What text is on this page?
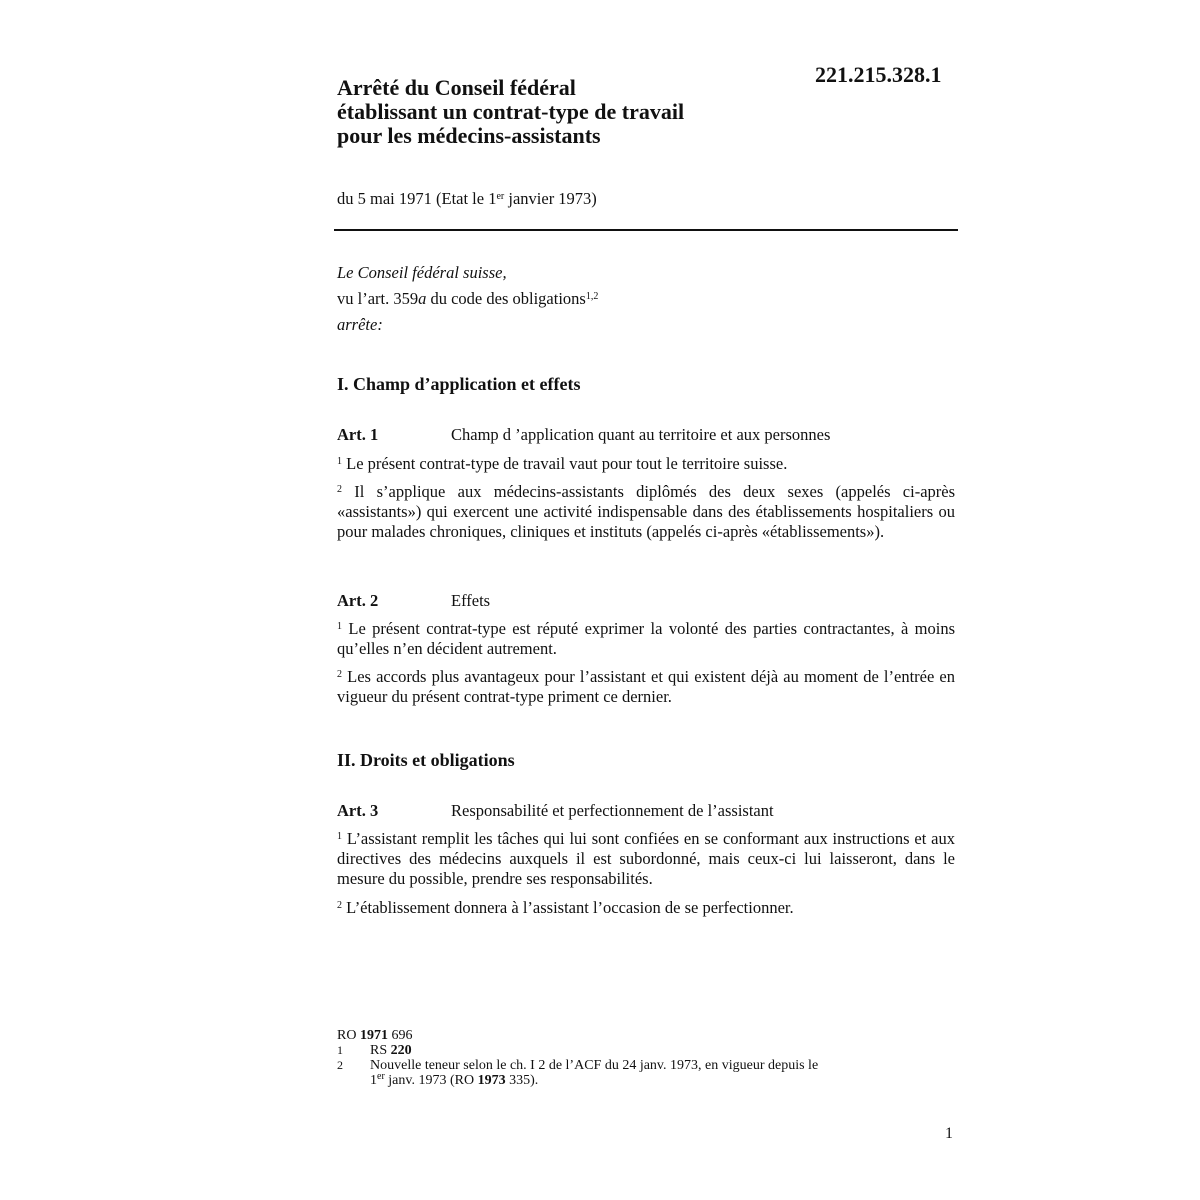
221.215.328.1
Arrêté du Conseil fédéral
établissant un contrat-type de travail
pour les médecins-assistants
du 5 mai 1971 (Etat le 1er janvier 1973)
Le Conseil fédéral suisse,
vu l’art. 359a du code des obligations$^{1,2}$
arrête:
I. Champ d’application et effets
Art. 1	Champ d ’application quant au territoire et aux personnes
$^1$ Le présent contrat-type de travail vaut pour tout le territoire suisse.
$^2$ Il s’applique aux médecins-assistants diplômés des deux sexes (appelés ci-après «assistants») qui exercent une activité indispensable dans des établissements hospitaliers ou pour malades chroniques, cliniques et instituts (appelés ci-après «établissements»).
Art. 2	Effets
$^1$ Le présent contrat-type est réputé exprimer la volonté des parties contractantes, à moins qu’elles n’en décident autrement.
$^2$ Les accords plus avantageux pour l’assistant et qui existent déjà au moment de l’entrée en vigueur du présent contrat-type priment ce dernier.
II. Droits et obligations
Art. 3	Responsabilité et perfectionnement de l’assistant
$^1$ L’assistant remplit les tâches qui lui sont confiées en se conformant aux instructions et aux directives des médecins auxquels il est subordonné, mais ceux-ci lui laisseront, dans le mesure du possible, prendre ses responsabilités.
$^2$ L’établissement donnera à l’assistant l’occasion de se perfectionner.
RO 1971 696
1	RS 220
2	Nouvelle teneur selon le ch. I 2 de l’ACF du 24 janv. 1973, en vigueur depuis le
1er janv. 1973 (RO 1973 335).
1
